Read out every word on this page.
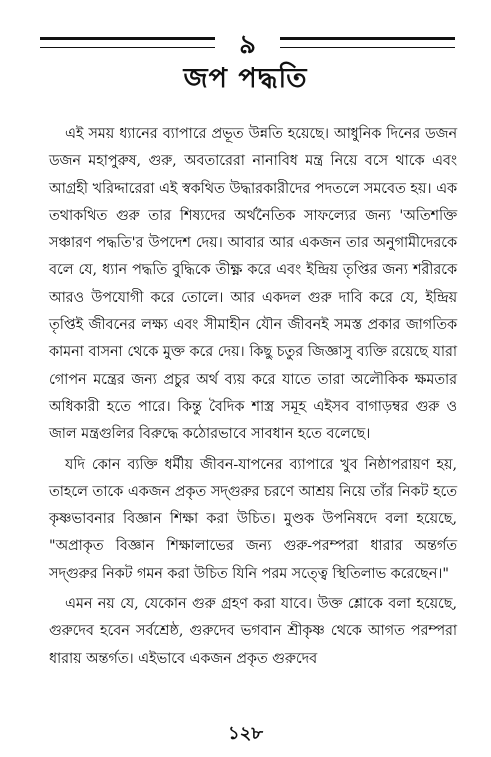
৯
জপ পদ্ধতি

এই সময় ধ্যানের ব্যাপারে প্রভূত উন্নতি হয়েছে। আধুনিক দিনের ডজন ডজন মহাপুরুষ, গুরু, অবতারেরা নানাবিধ মন্ত্র নিয়ে বসে থাকে এবং আগ্রহী খরিদ্দারেরা এই স্বকথিত উদ্ধারকারীদের পদতলে সমবেত হয়। এক তথাকথিত গুরু তার শিষ্যদের অর্থনৈতিক সাফল্যের জন্য 'অতিশক্তি সঞ্চারণ পদ্ধতি'র উপদেশ দেয়। আবার আর একজন তার অনুগামীদেরকে বলে যে, ধ্যান পদ্ধতি বুদ্ধিকে তীক্ষ্ণ করে এবং ইন্দ্রিয় তৃপ্তির জন্য শরীরকে আরও উপযোগী করে তোলে। আর একদল গুরু দাবি করে যে, ইন্দ্রিয় তৃপ্তিই জীবনের লক্ষ্য এবং সীমাহীন যৌন জীবনই সমস্ত প্রকার জাগতিক কামনা বাসনা থেকে মুক্ত করে দেয়। কিছু চতুর জিজ্ঞাসু ব্যক্তি রয়েছে যারা গোপন মন্ত্রের জন্য প্রচুর অর্থ ব্যয় করে যাতে তারা অলৌকিক ক্ষমতার অধিকারী হতে পারে। কিন্তু বৈদিক শাস্ত্র সমূহ এইসব বাগাড়ম্বর গুরু ও জাল মন্ত্রগুলির বিরুদ্ধে কঠোরভাবে সাবধান হতে বলেছে।

যদি কোন ব্যক্তি ধর্মীয় জীবন-যাপনের ব্যাপারে খুব নিষ্ঠাপরায়ণ হয়, তাহলে তাকে একজন প্রকৃত সদ্গুরুর চরণে আশ্রয় নিয়ে তাঁর নিকট হতে কৃষ্ণভাবনার বিজ্ঞান শিক্ষা করা উচিত। মুণ্ডক উপনিষদে বলা হয়েছে, "অপ্রাকৃত বিজ্ঞান শিক্ষালাভের জন্য গুরু-পরম্পরা ধারার অন্তর্গত সদ্গুরুর নিকট গমন করা উচিত যিনি পরম সত্ত্বে স্থিতিলাভ করেছেন।"

এমন নয় যে, যেকোন গুরু গ্রহণ করা যাবে। উক্ত শ্লোকে বলা হয়েছে, গুরুদেব হবেন সর্বশ্রেষ্ঠ, গুরুদেব ভগবান শ্রীকৃষ্ণ থেকে আগত পরম্পরা ধারায় অন্তর্গত। এইভাবে একজন প্রকৃত গুরুদেব

১২৮
